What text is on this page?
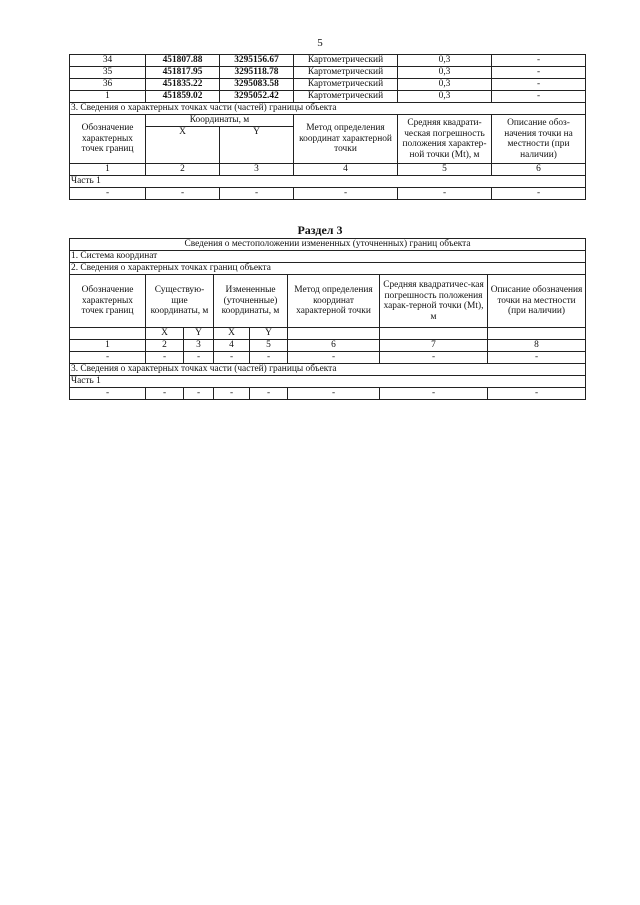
5
34	451807.88	3295156.67	Картометрический	0,3	-
35	451817.95	3295118.78	Картометрический	0,3	-
36	451835.22	3295083.58	Картометрический	0,3	-
1	451859.02	3295052.42	Картометрический	0,3	-
3. Сведения о характерных точках части (частей) границы объекта					
Обозначение характерных точек границ	Координаты, м		Метод определения координат характерной точки	Средняя квадрати-ческая погрешность положения характер-ной точки (Mt), м	Описание обоз-начения точки на местности (при наличии)
	X	Y			
1	2	3	4	5	6
Часть 1					
-	-	-	-	-	-
Раздел 3
Сведения о местоположении измененных (уточненных) границ объекта							
1. Система координат							
2. Сведения о характерных точках границ объекта							
Обозначение характерных точек границ	Существую-щие координаты, м		Измененные (уточненные) координаты, м		Метод определения координат характерной точки	Средняя квадратичес-кая погрешность положения харак-терной точки (Mt), м	Описание обозначения точки на местности (при наличии)

	X	Y	X	Y			
1	2	3	4	5	6	7	8
-	-	-	-	-	-	-	-
3. Сведения о характерных точках части (частей) границы объекта							
Часть 1							
-	-	-	-	-	-	-	-
